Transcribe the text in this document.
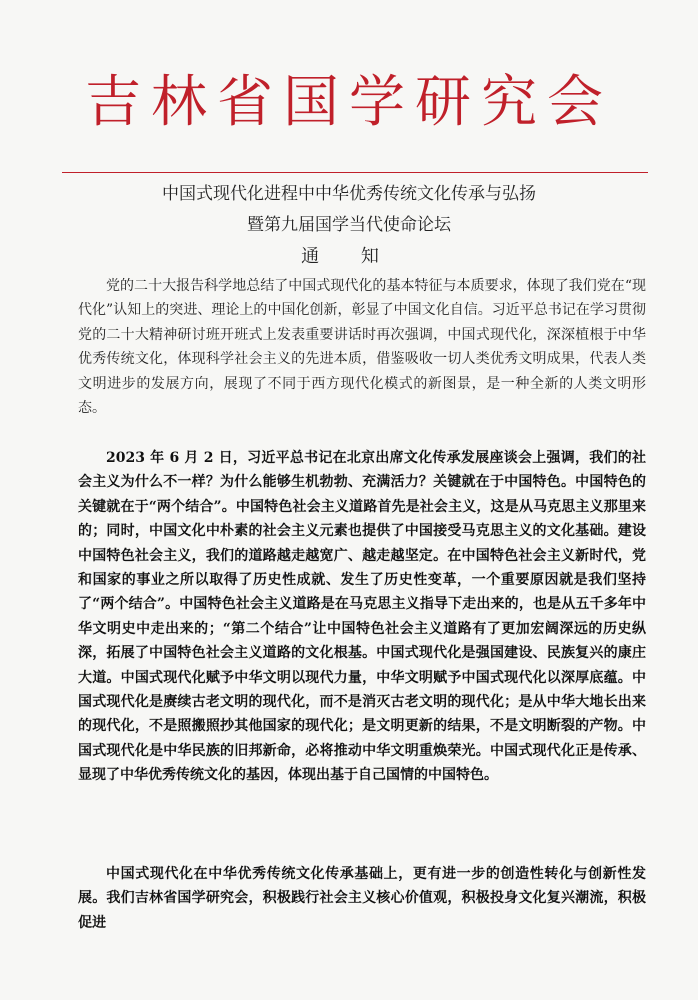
吉林省国学研究会
中国式现代化进程中中华优秀传统文化传承与弘扬
暨第九届国学当代使命论坛
通 知

党的二十大报告科学地总结了中国式现代化的基本特征与本质要求，体现了我们党在“现代化”认知上的突进、理论上的中国化创新，彰显了中国文化自信。习近平总书记在学习贯彻党的二十大精神研讨班开班式上发表重要讲话时再次强调，中国式现代化，深深植根于中华优秀传统文化，体现科学社会主义的先进本质，借鉴吸收一切人类优秀文明成果，代表人类文明进步的发展方向，展现了不同于西方现代化模式的新图景，是一种全新的人类文明形态。

2023 年 6 月 2 日，习近平总书记在北京出席文化传承发展座谈会上强调，我们的社会主义为什么不一样？为什么能够生机勃勃、充满活力？关键就在于中国特色。中国特色的关键就在于“两个结合”。中国特色社会主义道路首先是社会主义，这是从马克思主义那里来的；同时，中国文化中朴素的社会主义元素也提供了中国接受马克思主义的文化基础。建设中国特色社会主义，我们的道路越走越宽广、越走越坚定。在中国特色社会主义新时代，党和国家的事业之所以取得了历史性成就、发生了历史性变革，一个重要原因就是我们坚持了“两个结合”。中国特色社会主义道路是在马克思主义指导下走出来的，也是从五千多年中华文明史中走出来的；“第二个结合”让中国特色社会主义道路有了更加宏阔深远的历史纵深，拓展了中国特色社会主义道路的文化根基。中国式现代化是强国建设、民族复兴的康庄大道。中国式现代化赋予中华文明以现代力量，中华文明赋予中国式现代化以深厚底蕴。中国式现代化是赓续古老文明的现代化，而不是消灭古老文明的现代化；是从中华大地长出来的现代化，不是照搬照抄其他国家的现代化；是文明更新的结果，不是文明断裂的产物。中国式现代化是中华民族的旧邦新命，必将推动中华文明重焕荣光。中国式现代化正是传承、显现了中华优秀传统文化的基因，体现出基于自己国情的中国特色。

中国式现代化在中华优秀传统文化传承基础上，更有进一步的创造性转化与创新性发展。我们吉林省国学研究会，积极践行社会主义核心价值观，积极投身文化复兴潮流，积极促进
